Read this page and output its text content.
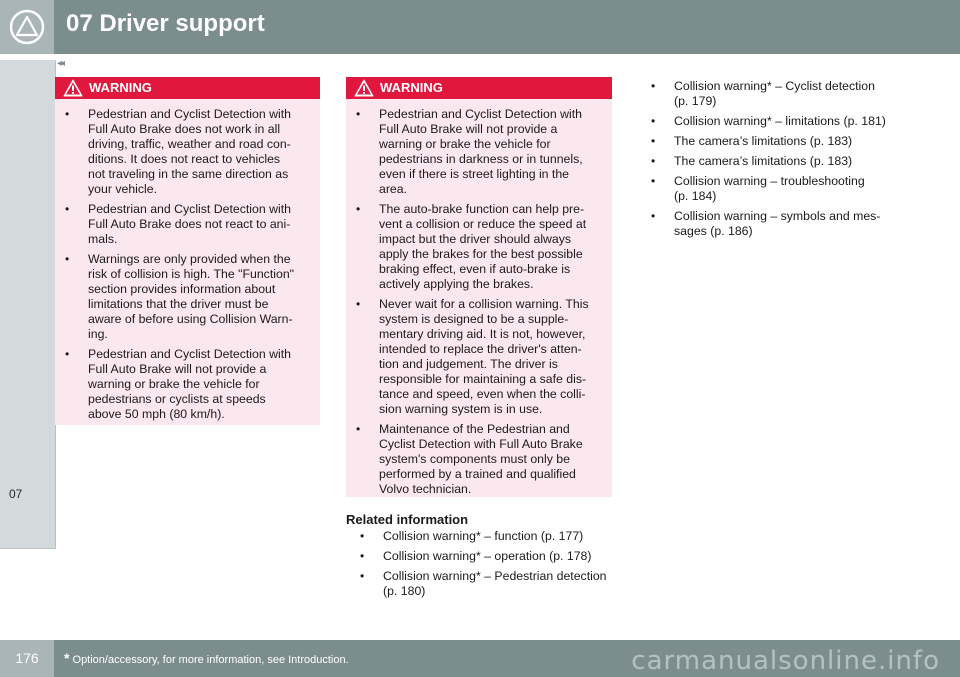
07 Driver support
◂◂
07
WARNING
• Pedestrian and Cyclist Detection with
Full Auto Brake does not work in all
driving, traffic, weather and road con-
ditions. It does not react to vehicles
not traveling in the same direction as
your vehicle.
• Pedestrian and Cyclist Detection with
Full Auto Brake does not react to ani-
mals.
• Warnings are only provided when the
risk of collision is high. The "Function"
section provides information about
limitations that the driver must be
aware of before using Collision Warn-
ing.
• Pedestrian and Cyclist Detection with
Full Auto Brake will not provide a
warning or brake the vehicle for
pedestrians or cyclists at speeds
above 50 mph (80 km/h).
WARNING
• Pedestrian and Cyclist Detection with
Full Auto Brake will not provide a
warning or brake the vehicle for
pedestrians in darkness or in tunnels,
even if there is street lighting in the
area.
• The auto-brake function can help pre-
vent a collision or reduce the speed at
impact but the driver should always
apply the brakes for the best possible
braking effect, even if auto-brake is
actively applying the brakes.
• Never wait for a collision warning. This
system is designed to be a supple-
mentary driving aid. It is not, however,
intended to replace the driver's atten-
tion and judgement. The driver is
responsible for maintaining a safe dis-
tance and speed, even when the colli-
sion warning system is in use.
• Maintenance of the Pedestrian and
Cyclist Detection with Full Auto Brake
system's components must only be
performed by a trained and qualified
Volvo technician.
Related information
• Collision warning* – function (p. 177)
• Collision warning* – operation (p. 178)
• Collision warning* – Pedestrian detection
(p. 180)
• Collision warning* – Cyclist detection
(p. 179)
• Collision warning* – limitations (p. 181)
• The camera’s limitations (p. 183)
• The camera’s limitations (p. 183)
• Collision warning – troubleshooting
(p. 184)
• Collision warning – symbols and mes-
sages (p. 186)
176	* Option/accessory, for more information, see Introduction.	carmanualsonline.info
